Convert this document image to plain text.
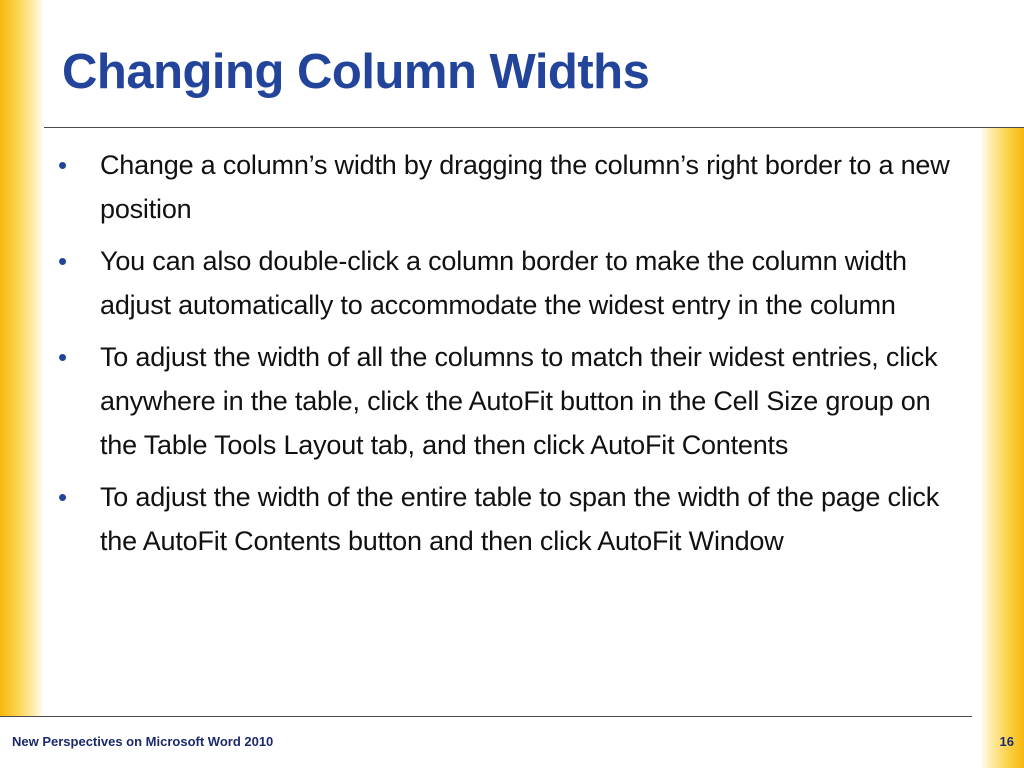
Changing Column Widths
• Change a column’s width by dragging the column’s right border to a new position
• You can also double-click a column border to make the column width adjust automatically to accommodate the widest entry in the column
• To adjust the width of all the columns to match their widest entries, click anywhere in the table, click the AutoFit button in the Cell Size group on the Table Tools Layout tab, and then click AutoFit Contents
• To adjust the width of the entire table to span the width of the page click the AutoFit Contents button and then click AutoFit Window
New Perspectives on Microsoft Word 2010	16
